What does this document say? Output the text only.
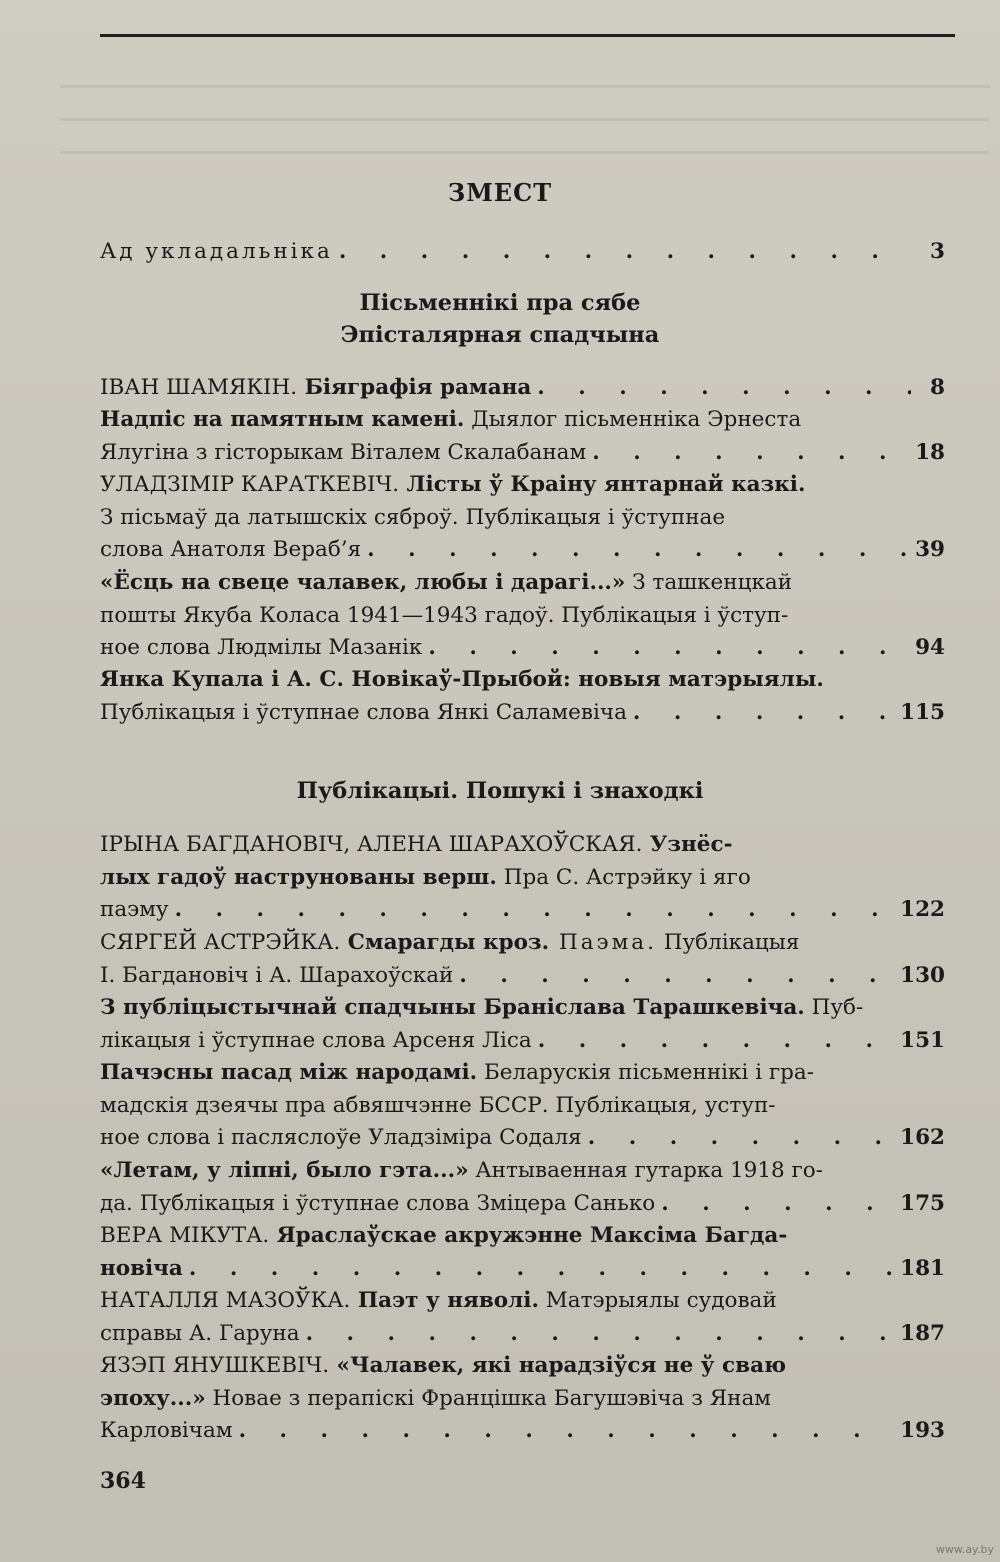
ЗМЕСТ
Ад укладальніка . . .	3
Пісьменнікі пра сябе
Эпісталярная спадчына
ІВАН ШАМЯКІН. Біяграфія рамана . . .	8
Надпіс на памятным камені. Дыялог пісьменніка Эрнеста
Ялугіна з гісторыкам Віталем Скалабанам . . .	18
УЛАДЗІМІР КАРАТКЕВІЧ. Лісты ў Краіну янтарнай казкі.
З пісьмаў да латышскіх сяброў. Публікацыя і ўступнае
слова Анатоля Вераб’я . . .	39
«Ёсць на свеце чалавек, любы і дарагі...» З ташкенцкай
пошты Якуба Коласа 1941—1943 гадоў. Публікацыя і ўступ-
ное слова Людмілы Мазанік . . .	94
Янка Купала і А. С. Новікаў-Прыбой: новыя матэрыялы.
Публікацыя і ўступнае слова Янкі Саламевіча . . .	115
Публікацыі. Пошукі і знаходкі
ІРЫНА БАГДАНОВІЧ, АЛЕНА ШАРАХОЎСКАЯ. Узнёс-
лых гадоў наструнованы верш. Пра С. Астрэйку і яго
паэму . . .	122
СЯРГЕЙ АСТРЭЙКА. Смарагды кроз. Паэма. Публікацыя
І. Багдановіч і А. Шарахоўскай . . .	130
З публіцыстычнай спадчыны Браніслава Тарашкевіча. Пуб-
лікацыя і ўступнае слова Арсеня Ліса . . .	151
Пачэсны пасад між народамі. Беларускія пісьменнікі і гра-
мадскія дзеячы пра абвяшчэнне БССР. Публікацыя, уступ-
ное слова і пасляслоўе Уладзіміра Содаля . . .	162
«Летам, у ліпні, было гэта...» Антываенная гутарка 1918 го-
да. Публікацыя і ўступнае слова Зміцера Санько . . .	175
ВЕРА МІКУТА. Яраслаўскае акружэнне Максіма Багда-
новіча . . .	181
НАТАЛЛЯ МАЗОЎКА. Паэт у няволі. Матэрыялы судовай
справы А. Гаруна . . .	187
ЯЗЭП ЯНУШКЕВІЧ. «Чалавек, які нарадзіўся не ў сваю
эпоху...» Новае з перапіскі Францішка Багушэвіча з Янам
Карловічам . . .	193
364
www.ay.by
